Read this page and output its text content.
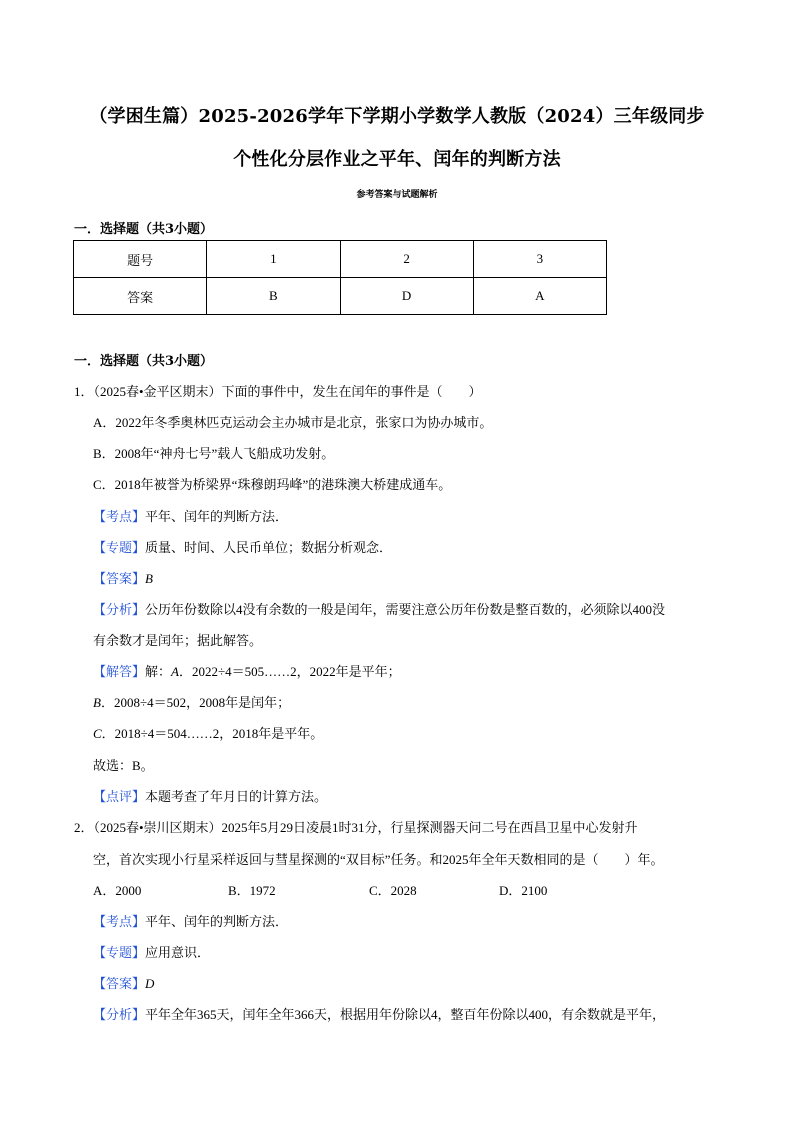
（学困生篇）2025-2026学年下学期小学数学人教版（2024）三年级同步
个性化分层作业之平年、闰年的判断方法
参考答案与试题解析
一．选择题（共3小题）
题号	1	2	3
答案	B	D	A
一．选择题（共3小题）
1．（2025春•金平区期末）下面的事件中，发生在闰年的事件是（　　）
A．2022年冬季奥林匹克运动会主办城市是北京，张家口为协办城市。
B．2008年“神舟七号”载人飞船成功发射。
C．2018年被誉为桥梁界“珠穆朗玛峰”的港珠澳大桥建成通车。
【考点】平年、闰年的判断方法．
【专题】质量、时间、人民币单位；数据分析观念．
【答案】B
【分析】公历年份数除以4没有余数的一般是闰年，需要注意公历年份数是整百数的，必须除以400没
有余数才是闰年；据此解答。
【解答】解：A．2022÷4＝505……2，2022年是平年；
B．2008÷4＝502，2008年是闰年；
C．2018÷4＝504……2，2018年是平年。
故选：B。
【点评】本题考查了年月日的计算方法。
2．（2025春•崇川区期末）2025年5月29日凌晨1时31分，行星探测器天问二号在西昌卫星中心发射升
空，首次实现小行星采样返回与彗星探测的“双目标”任务。和2025年全年天数相同的是（　　）年。
A．2000	B．1972	C．2028	D．2100
【考点】平年、闰年的判断方法．
【专题】应用意识．
【答案】D
【分析】平年全年365天，闰年全年366天，根据用年份除以4，整百年份除以400，有余数就是平年，
